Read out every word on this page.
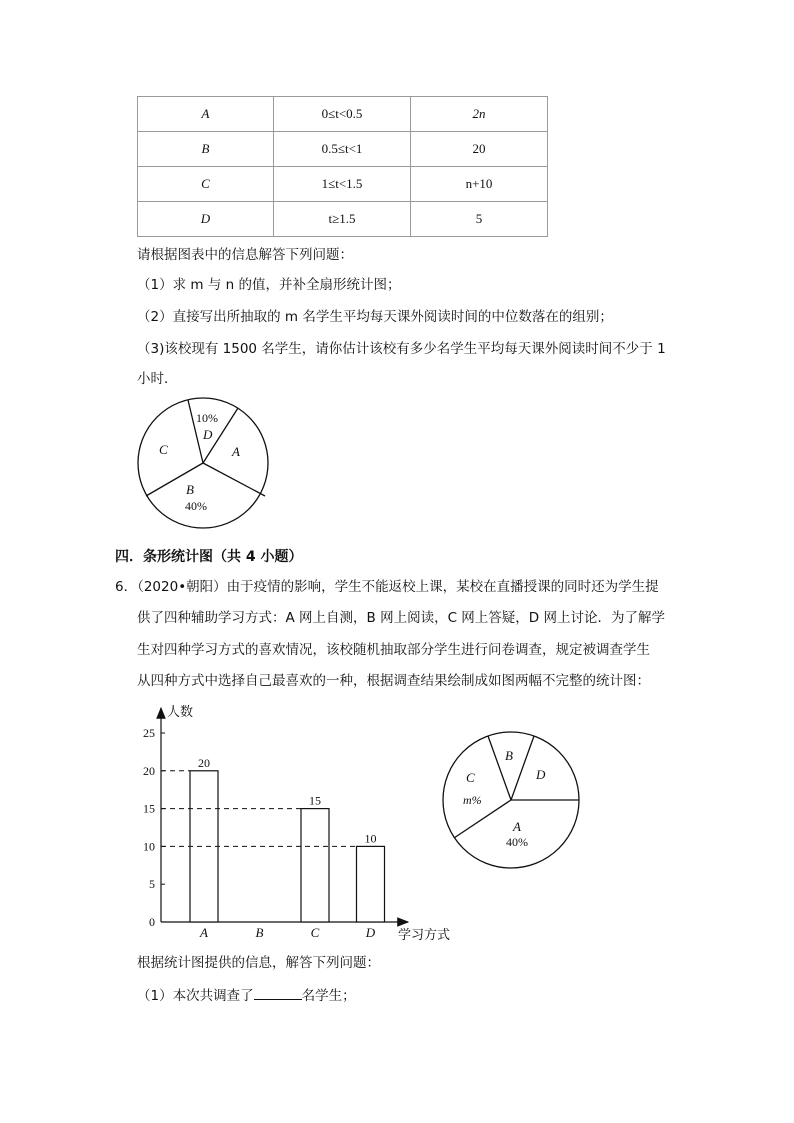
A	0≤t<0.5	2n
B	0.5≤t<1	20
C	1≤t<1.5	n+10
D	t≥1.5	5
请根据图表中的信息解答下列问题：
（1）求 m 与 n 的值，并补全扇形统计图；
（2）直接写出所抽取的 m 名学生平均每天课外阅读时间的中位数落在的组别；
（3)该校现有 1500 名学生，请你估计该校有多少名学生平均每天课外阅读时间不少于 1
小时．
10%
D
A
C
B
40%
四．条形统计图（共 4 小题）
6．（2020•朝阳）由于疫情的影响，学生不能返校上课，某校在直播授课的同时还为学生提
供了四种辅助学习方式：A 网上自测，B 网上阅读，C 网上答疑，D 网上讨论．为了解学
生对四种学习方式的喜欢情况，该校随机抽取部分学生进行问卷调查，规定被调查学生
从四种方式中选择自己最喜欢的一种，根据调查结果绘制成如图两幅不完整的统计图：
人数
学习方式
0
5
10
15
20
25
20
A	B
15
C
10
D
B
D
C
m%
A
40%
根据统计图提供的信息，解答下列问题：
（1）本次共调查了	名学生；
